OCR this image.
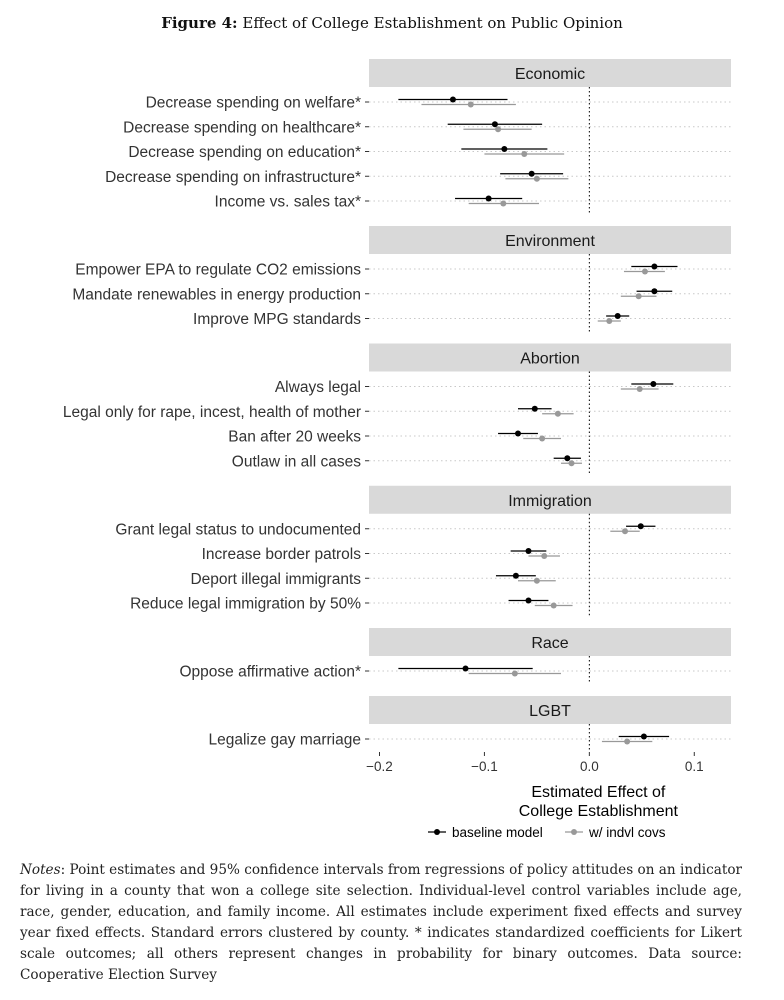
Figure 4: Effect of College Establishment on Public Opinion
Economic
Decrease spending on welfare*
Decrease spending on healthcare*
Decrease spending on education*
Decrease spending on infrastructure*
Income vs. sales tax*
Environment
Empower EPA to regulate CO2 emissions
Mandate renewables in energy production
Improve MPG standards
Abortion
Always legal
Legal only for rape, incest, health of mother
Ban after 20 weeks
Outlaw in all cases
Immigration
Grant legal status to undocumented
Increase border patrols
Deport illegal immigrants
Reduce legal immigration by 50%
Race
Oppose affirmative action*
LGBT
Legalize gay marriage
−0.2	−0.1	0.0	0.1
Estimated Effect of
College Establishment
baseline model	w/ indvl covs
Notes: Point estimates and 95% confidence intervals from regressions of policy attitudes on an indicator for living in a county that won a college site selection. Individual-level control variables include age, race, gender, education, and family income. All estimates include experiment fixed effects and survey year fixed effects. Standard errors clustered by county. * indicates standardized coefficients for Likert scale outcomes; all others represent changes in probability for binary outcomes. Data source: Cooperative Election Survey
